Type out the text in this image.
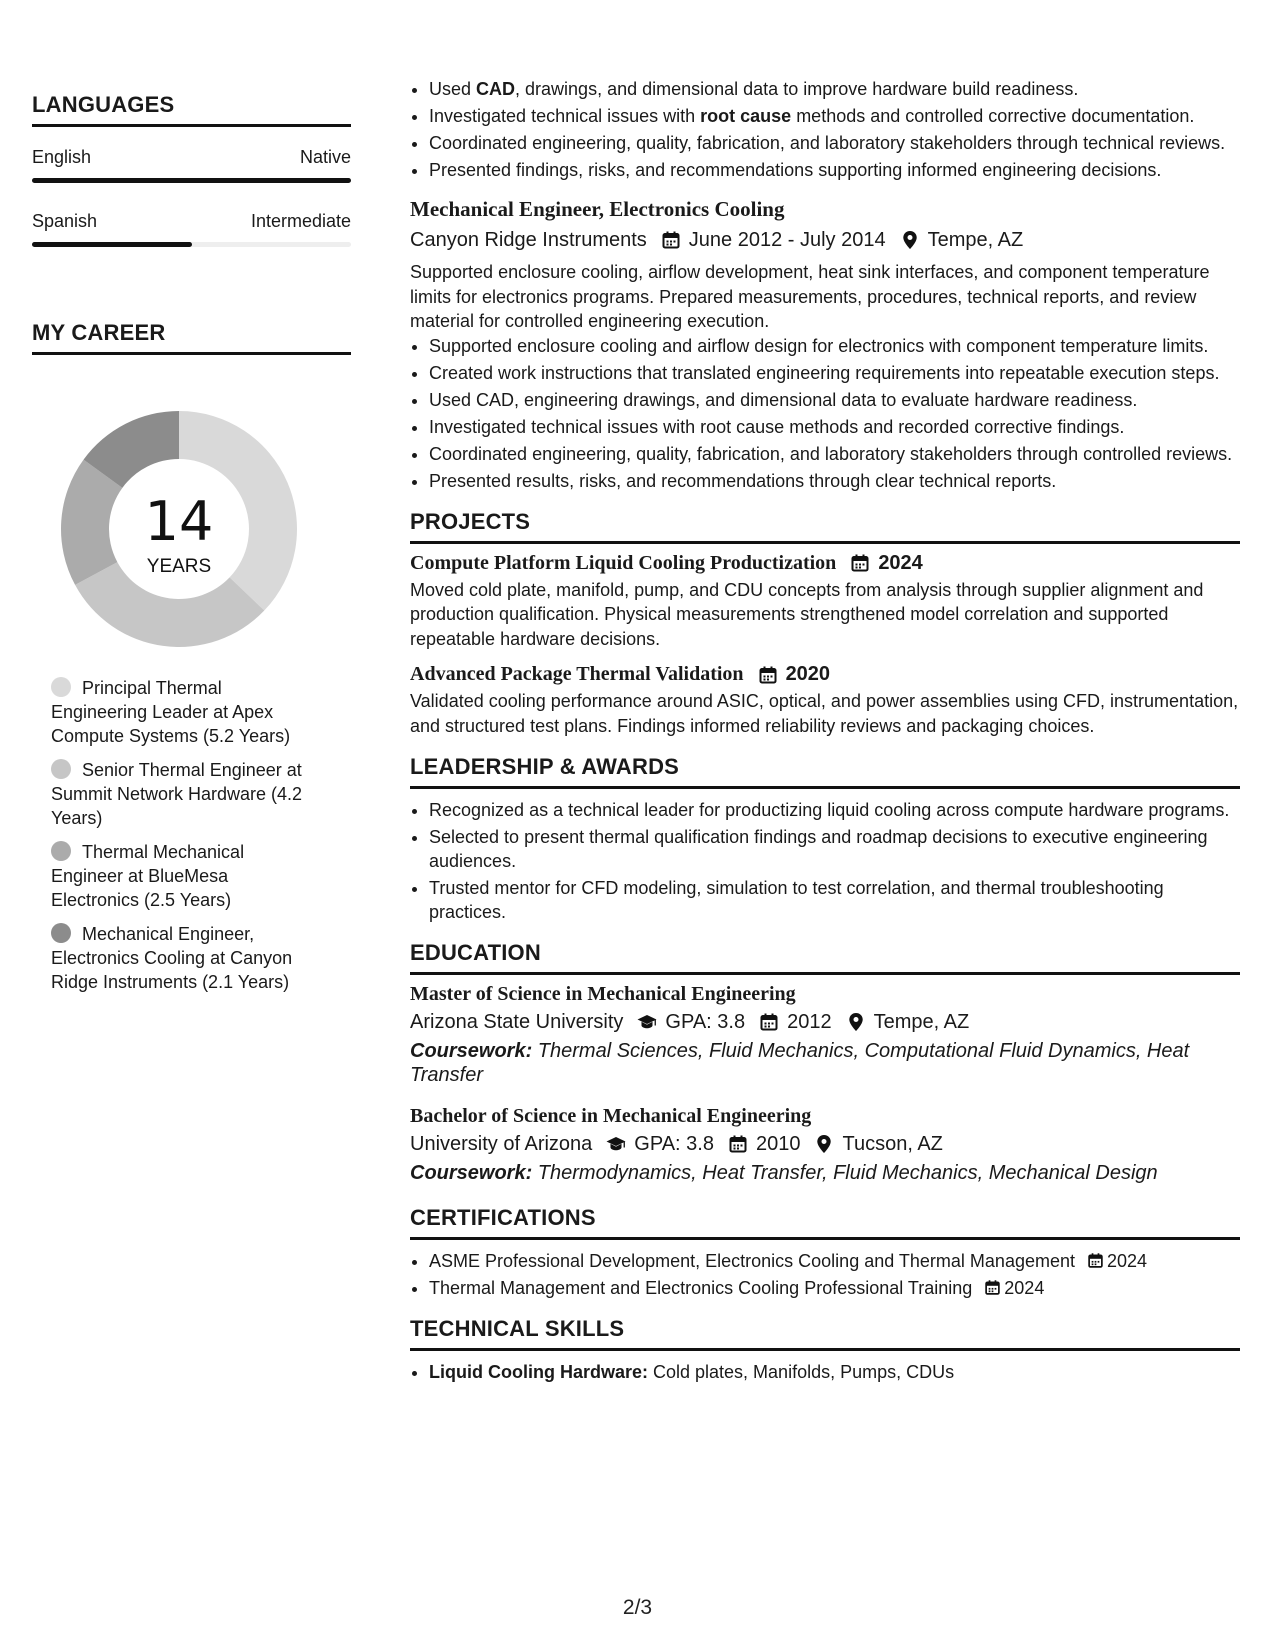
LANGUAGES
English	Native
Spanish	Intermediate
MY CAREER
14
YEARS
Principal Thermal Engineering Leader at Apex Compute Systems (5.2 Years)
Senior Thermal Engineer at Summit Network Hardware (4.2 Years)
Thermal Mechanical Engineer at BlueMesa Electronics (2.5 Years)
Mechanical Engineer, Electronics Cooling at Canyon Ridge Instruments (2.1 Years)
• Used CAD, drawings, and dimensional data to improve hardware build readiness.
• Investigated technical issues with root cause methods and controlled corrective documentation.
• Coordinated engineering, quality, fabrication, and laboratory stakeholders through technical reviews.
• Presented findings, risks, and recommendations supporting informed engineering decisions.
Mechanical Engineer, Electronics Cooling
Canyon Ridge Instruments June 2012 - July 2014 Tempe, AZ

Supported enclosure cooling, airflow development, heat sink interfaces, and component temperature limits for electronics programs. Prepared measurements, procedures, technical reports, and review material for controlled engineering execution.

• Supported enclosure cooling and airflow design for electronics with component temperature limits.
• Created work instructions that translated engineering requirements into repeatable execution steps.
• Used CAD, engineering drawings, and dimensional data to evaluate hardware readiness.
• Investigated technical issues with root cause methods and recorded corrective findings.
• Coordinated engineering, quality, fabrication, and laboratory stakeholders through controlled reviews.
• Presented results, risks, and recommendations through clear technical reports.
PROJECTS
Compute Platform Liquid Cooling Productization 2024

Moved cold plate, manifold, pump, and CDU concepts from analysis through supplier alignment and production qualification. Physical measurements strengthened model correlation and supported repeatable hardware decisions.

Advanced Package Thermal Validation 2020

Validated cooling performance around ASIC, optical, and power assemblies using CFD, instrumentation, and structured test plans. Findings informed reliability reviews and packaging choices.

LEADERSHIP & AWARDS
• Recognized as a technical leader for productizing liquid cooling across compute hardware programs.
• Selected to present thermal qualification findings and roadmap decisions to executive engineering audiences.
• Trusted mentor for CFD modeling, simulation to test correlation, and thermal troubleshooting practices.
EDUCATION
Master of Science in Mechanical Engineering
Arizona State University GPA: 3.8 2012 Tempe, AZ

Coursework: Thermal Sciences, Fluid Mechanics, Computational Fluid Dynamics, Heat Transfer

Bachelor of Science in Mechanical Engineering
University of Arizona GPA: 3.8 2010 Tucson, AZ

Coursework: Thermodynamics, Heat Transfer, Fluid Mechanics, Mechanical Design

CERTIFICATIONS
• ASME Professional Development, Electronics Cooling and Thermal Management 2024
• Thermal Management and Electronics Cooling Professional Training 2024
TECHNICAL SKILLS
• Liquid Cooling Hardware: Cold plates, Manifolds, Pumps, CDUs
2/3
